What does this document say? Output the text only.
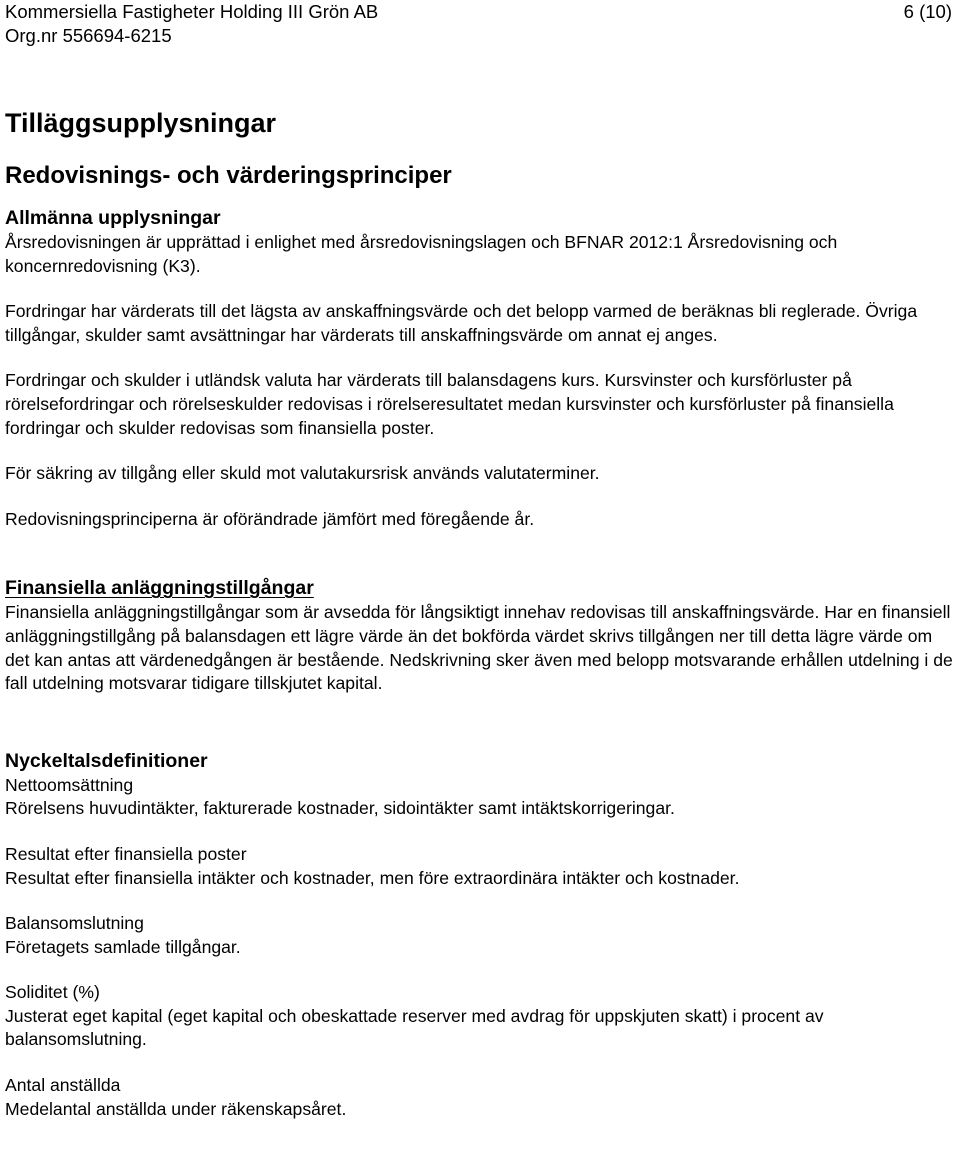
Kommersiella Fastigheter Holding III Grön AB
Org.nr 556694-6215
6 (10)
Tilläggsupplysningar
Redovisnings- och värderingsprinciper
Allmänna upplysningar

Årsredovisningen är upprättad i enlighet med årsredovisningslagen och BFNAR 2012:1 Årsredovisning och koncernredovisning (K3).

Fordringar har värderats till det lägsta av anskaffningsvärde och det belopp varmed de beräknas bli reglerade. Övriga tillgångar, skulder samt avsättningar har värderats till anskaffningsvärde om annat ej anges.

Fordringar och skulder i utländsk valuta har värderats till balansdagens kurs. Kursvinster och kursförluster på rörelsefordringar och rörelseskulder redovisas i rörelseresultatet medan kursvinster och kursförluster på finansiella fordringar och skulder redovisas som finansiella poster.

För säkring av tillgång eller skuld mot valutakursrisk används valutaterminer.

Redovisningsprinciperna är oförändrade jämfört med föregående år.

Finansiella anläggningstillgångar

Finansiella anläggningstillgångar som är avsedda för långsiktigt innehav redovisas till anskaffningsvärde. Har en finansiell anläggningstillgång på balansdagen ett lägre värde än det bokförda värdet skrivs tillgången ner till detta lägre värde om det kan antas att värdenedgången är bestående. Nedskrivning sker även med belopp motsvarande erhållen utdelning i de fall utdelning motsvarar tidigare tillskjutet kapital.

Nyckeltalsdefinitioner

Nettoomsättning

Rörelsens huvudintäkter, fakturerade kostnader, sidointäkter samt intäktskorrigeringar.

Resultat efter finansiella poster

Resultat efter finansiella intäkter och kostnader, men före extraordinära intäkter och kostnader.

Balansomslutning

Företagets samlade tillgångar.

Soliditet (%)

Justerat eget kapital (eget kapital och obeskattade reserver med avdrag för uppskjuten skatt) i procent av balansomslutning.

Antal anställda

Medelantal anställda under räkenskapsåret.
